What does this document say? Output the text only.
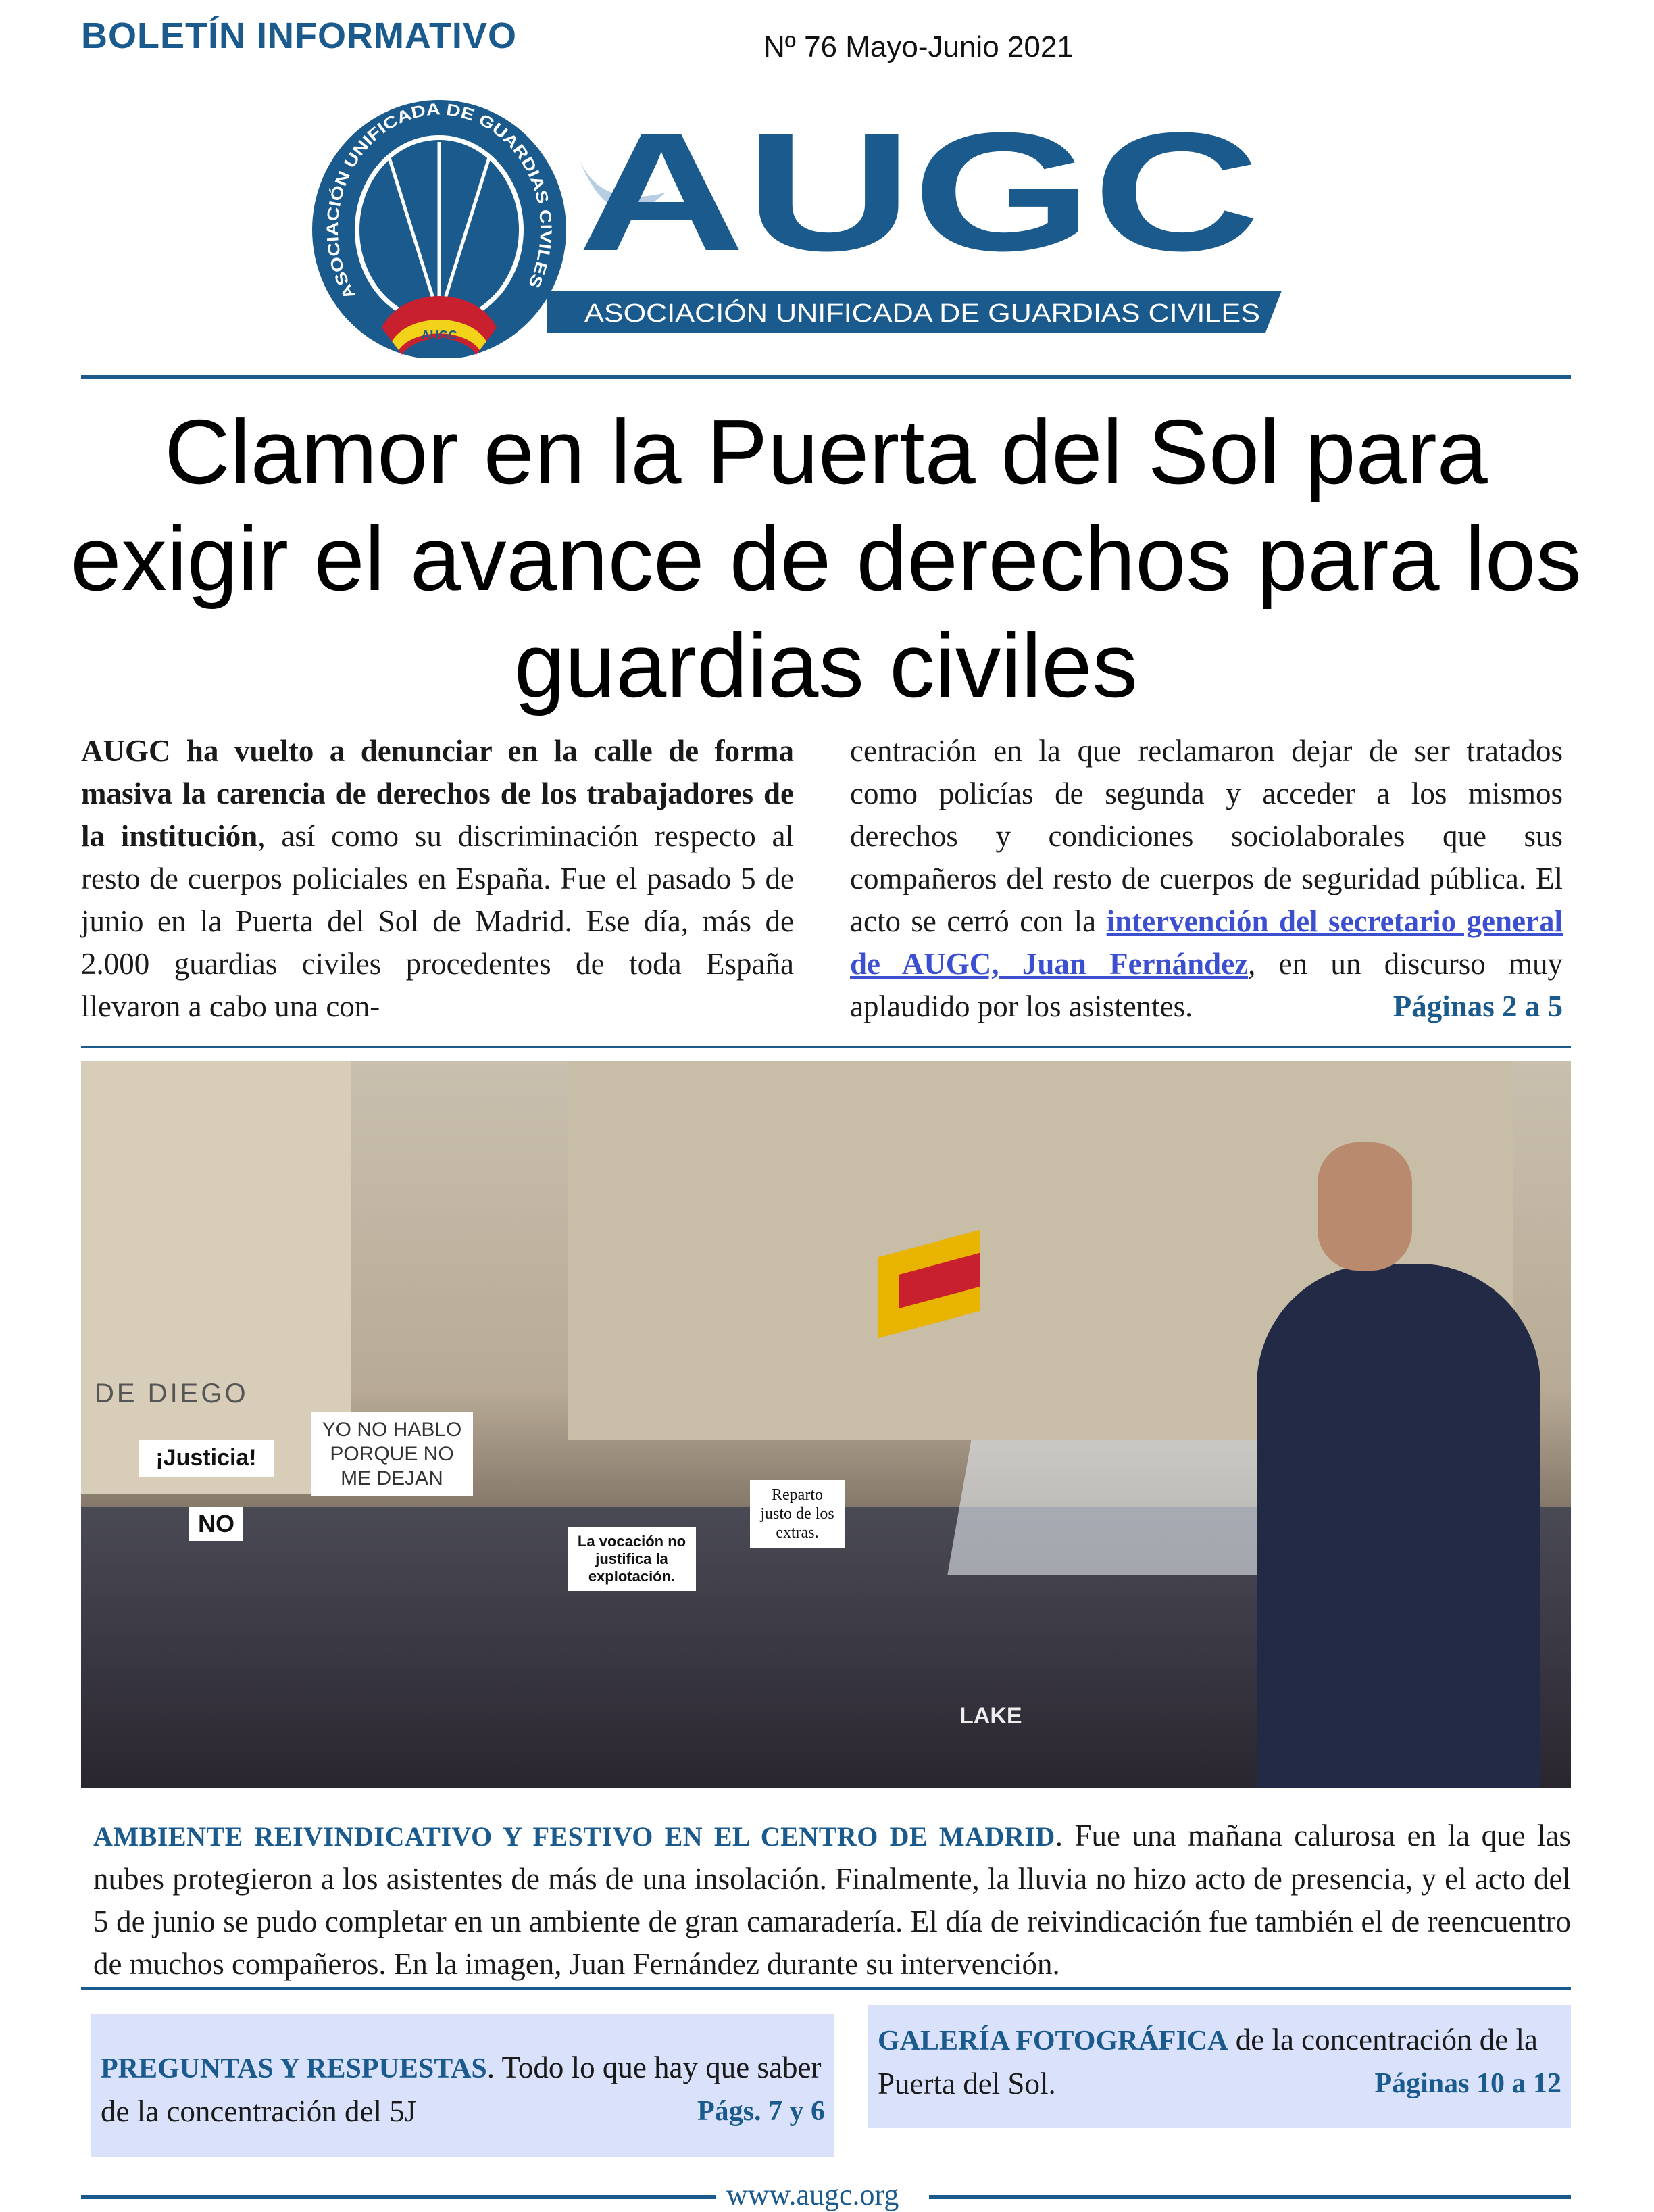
BOLETÍN INFORMATIVO	Nº 76 Mayo-Junio 2021
AUGC
ASOCIACIÓN UNIFICADA DE GUARDIAS CIVILES AUGC
ASOCIACIÓN UNIFICADA DE GUARDIAS CIVILES
Clamor en la Puerta del Sol para exigir el avance de derechos para los guardias civiles
AUGC ha vuelto a denunciar en la calle de forma masiva la carencia de derechos de los trabajadores de la institución, así como su discriminación respecto al resto de cuerpos policiales en España. Fue el pasado 5 de junio en la Puerta del Sol de Madrid. Ese día, más de 2.000 guardias civiles procedentes de toda España llevaron a cabo una con-
centración en la que reclamaron dejar de ser tratados como policías de segunda y acceder a los mismos derechos y condiciones sociolaborales que sus compañeros del resto de cuerpos de seguridad pública. El acto se cerró con la intervención del secretario general de AUGC, Juan Fernández, en un discurso muy aplaudido por los asistentes.	Páginas 2 a 5
¡Justicia!
YO NO HABLO PORQUE NO ME DEJAN
NO
La vocación no justifica la explotación.
Reparto justo de los extras.
DE DIEGO
LAKE
AMBIENTE REIVINDICATIVO Y FESTIVO EN EL CENTRO DE MADRID. Fue una mañana calurosa en la que las nubes protegieron a los asistentes de más de una insolación. Finalmente, la lluvia no hizo acto de presencia, y el acto del 5 de junio se pudo completar en un ambiente de gran camaradería. El día de reivindicación fue también el de reencuentro de muchos compañeros. En la imagen, Juan Fernández durante su intervención.
PREGUNTAS Y RESPUESTAS. Todo lo que hay que saber de la concentración del 5J	Págs. 7 y 6
GALERÍA FOTOGRÁFICA de la concentración de la Puerta del Sol.	Páginas 10 a 12
www.augc.org
